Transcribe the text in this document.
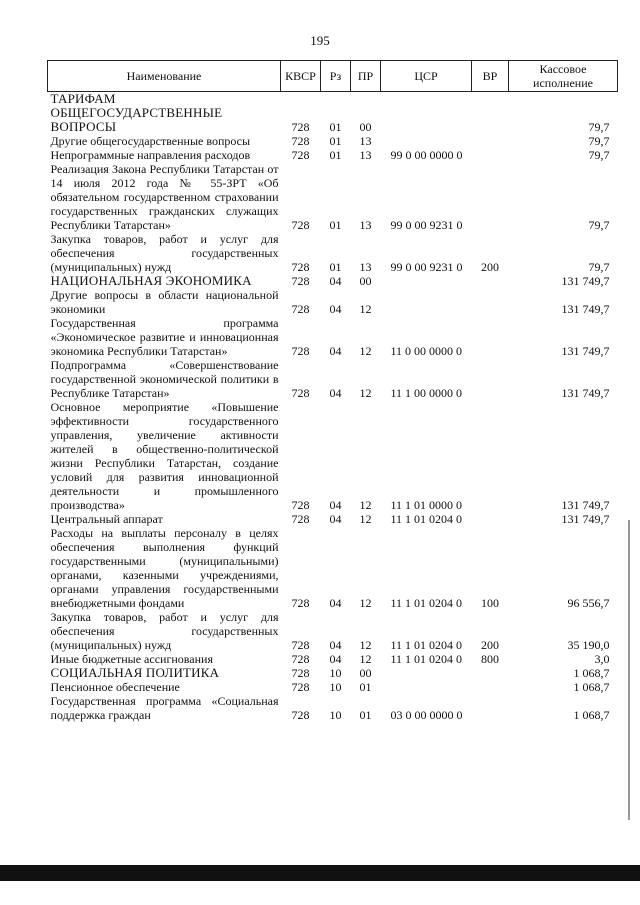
195
Наименование	КВСР	Рз	ПР	ЦСР	ВР	Кассовое исполнение
ТАРИФАМ ОБЩЕГОСУДАРСТВЕННЫЕ ВОПРОСЫ	728	01	00			79,7
Другие общегосударственные вопросы	728	01	13			79,7
Непрограммные направления расходов	728	01	13	99 0 00 0000 0		79,7
Реализация Закона Республики Татарстан от 14 июля 2012 года № 55-ЗРТ «Об обязательном государственном страховании государственных гражданских служащих Республики Татарстан»	728	01	13	99 0 00 9231 0		79,7
Закупка товаров, работ и услуг для обеспечения государственных (муниципальных) нужд	728	01	13	99 0 00 9231 0	200	79,7
НАЦИОНАЛЬНАЯ ЭКОНОМИКА	728	04	00			131 749,7
Другие вопросы в области национальной экономики	728	04	12			131 749,7
Государственная программа «Экономическое развитие и инновационная экономика Республики Татарстан»	728	04	12	11 0 00 0000 0		131 749,7
Подпрограмма «Совершенствование государственной экономической политики в Республике Татарстан»	728	04	12	11 1 00 0000 0		131 749,7
Основное мероприятие «Повышение эффективности государственного управления, увеличение активности жителей в общественно-политической жизни Республики Татарстан, создание условий для развития инновационной деятельности и промышленного производства»	728	04	12	11 1 01 0000 0		131 749,7
Центральный аппарат	728	04	12	11 1 01 0204 0		131 749,7
Расходы на выплаты персоналу в целях обеспечения выполнения функций государственными (муниципальными) органами, казенными учреждениями, органами управления государственными внебюджетными фондами	728	04	12	11 1 01 0204 0	100	96 556,7
Закупка товаров, работ и услуг для обеспечения государственных (муниципальных) нужд	728	04	12	11 1 01 0204 0	200	35 190,0
Иные бюджетные ассигнования	728	04	12	11 1 01 0204 0	800	3,0
СОЦИАЛЬНАЯ ПОЛИТИКА	728	10	00			1 068,7
Пенсионное обеспечение	728	10	01			1 068,7
Государственная программа «Социальная поддержка граждан	728	10	01	03 0 00 0000 0		1 068,7
